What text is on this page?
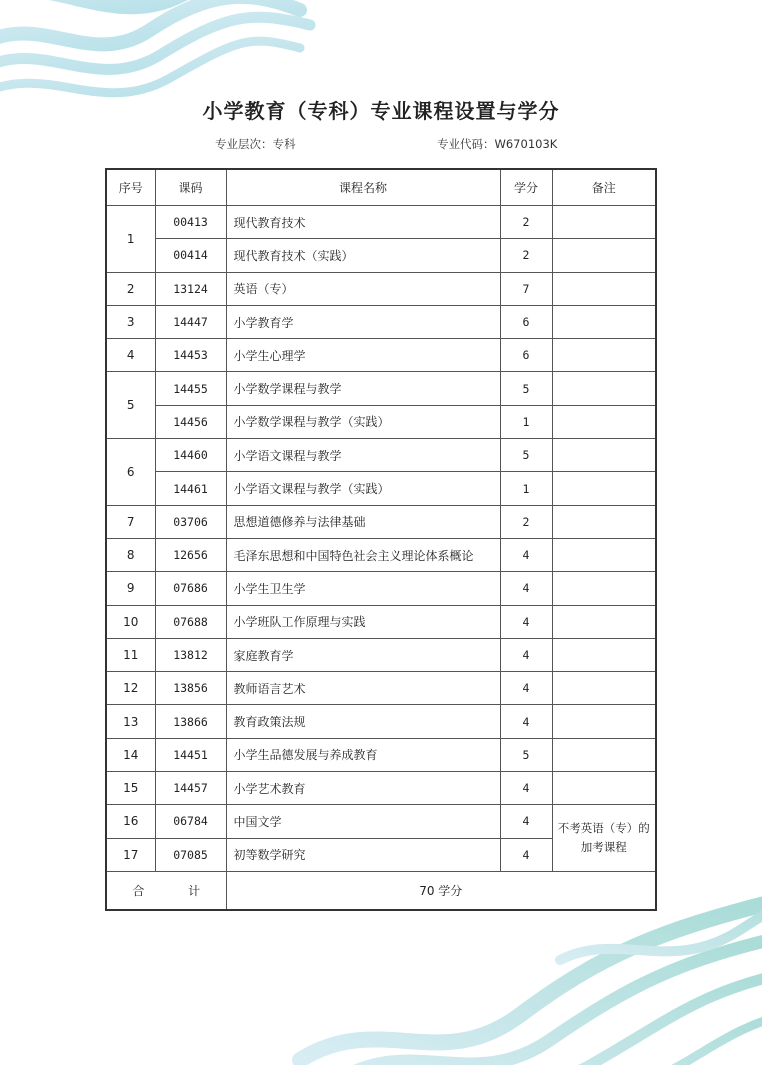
小学教育（专科）专业课程设置与学分
专业层次：专科	专业代码：W670103K
序号	课码	课程名称	学分	备注
1	00413	现代教育技术	2	
	00414	现代教育技术（实践）	2	
2	13124	英语（专）	7	
3	14447	小学教育学	6	
4	14453	小学生心理学	6	
5	14455	小学数学课程与教学	5	
	14456	小学数学课程与教学（实践）	1	
6	14460	小学语文课程与教学	5	
	14461	小学语文课程与教学（实践）	1	
7	03706	思想道德修养与法律基础	2	
8	12656	毛泽东思想和中国特色社会主义理论体系概论	4	
9	07686	小学生卫生学	4	
10	07688	小学班队工作原理与实践	4	
11	13812	家庭教育学	4	
12	13856	教师语言艺术	4	
13	13866	教育政策法规	4	
14	14451	小学生品德发展与养成教育	5	
15	14457	小学艺术教育	4	
16	06784	中国文学	4	不考英语（专）的加考课程
17	07085	初等数学研究	4	
合 计		70 学分		
